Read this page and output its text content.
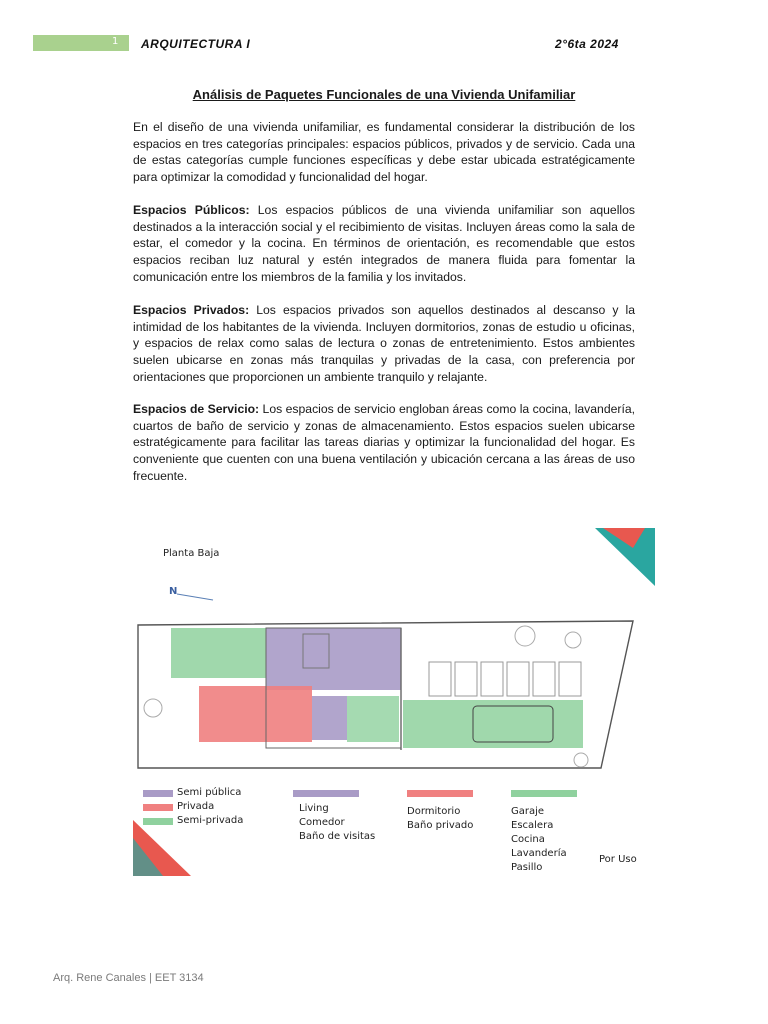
1 ARQUITECTURA I	2°6ta 2024
Análisis de Paquetes Funcionales de una Vivienda Unifamiliar

En el diseño de una vivienda unifamiliar, es fundamental considerar la distribución de los espacios en tres categorías principales: espacios públicos, privados y de servicio. Cada una de estas categorías cumple funciones específicas y debe estar ubicada estratégicamente para optimizar la comodidad y funcionalidad del hogar.

Espacios Públicos: Los espacios públicos de una vivienda unifamiliar son aquellos destinados a la interacción social y el recibimiento de visitas. Incluyen áreas como la sala de estar, el comedor y la cocina. En términos de orientación, es recomendable que estos espacios reciban luz natural y estén integrados de manera fluida para fomentar la comunicación entre los miembros de la familia y los invitados.

Espacios Privados: Los espacios privados son aquellos destinados al descanso y la intimidad de los habitantes de la vivienda. Incluyen dormitorios, zonas de estudio u oficinas, y espacios de relax como salas de lectura o zonas de entretenimiento. Estos ambientes suelen ubicarse en zonas más tranquilas y privadas de la casa, con preferencia por orientaciones que proporcionen un ambiente tranquilo y relajante.

Espacios de Servicio: Los espacios de servicio engloban áreas como la cocina, lavandería, cuartos de baño de servicio y zonas de almacenamiento. Estos espacios suelen ubicarse estratégicamente para facilitar las tareas diarias y optimizar la funcionalidad del hogar. Es conveniente que cuenten con una buena ventilación y ubicación cercana a las áreas de uso frecuente.

Planta Baja
N
Semi pública
Privada
Semi-privada
Living
Comedor
Baño de visitas
Dormitorio
Baño privado
Garaje
Escalera
Cocina
Lavandería
Pasillo
Por Uso
Arq. Rene Canales | EET 3134
